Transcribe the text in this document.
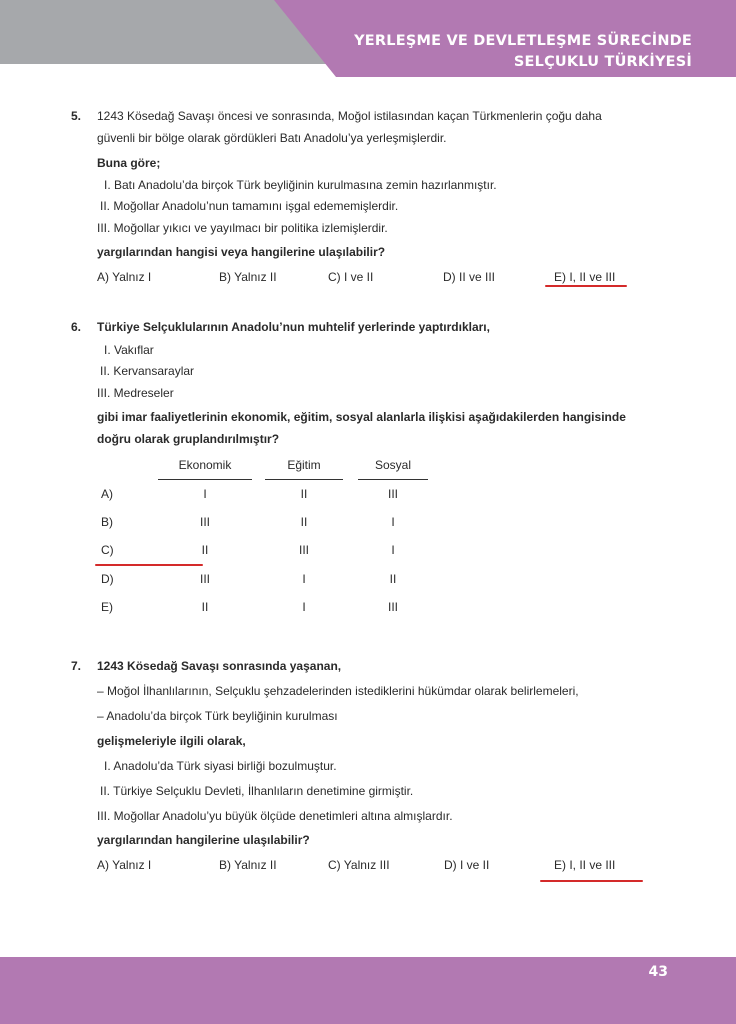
YERLEŞME VE DEVLETLEŞME SÜRECİNDE
SELÇUKLU TÜRKİYESİ
5. 1243 Kösedağ Savaşı öncesi ve sonrasında, Moğol istilasından kaçan Türkmenlerin çoğu daha
güvenli bir bölge olarak gördükleri Batı Anadolu’ya yerleşmişlerdir.
Buna göre;
I. Batı Anadolu’da birçok Türk beyliğinin kurulmasına zemin hazırlanmıştır.
II. Moğollar Anadolu’nun tamamını işgal edememişlerdir.
III. Moğollar yıkıcı ve yayılmacı bir politika izlemişlerdir.
yargılarından hangisi veya hangilerine ulaşılabilir?
A) Yalnız I	B) Yalnız II	C) I ve II	D) II ve III	E) I, II ve III
6. Türkiye Selçuklularının Anadolu’nun muhtelif yerlerinde yaptırdıkları,
I. Vakıflar
II. Kervansaraylar
III. Medreseler
gibi imar faaliyetlerinin ekonomik, eğitim, sosyal alanlarla ilişkisi aşağıdakilerden hangisinde
doğru olarak gruplandırılmıştır?
Ekonomik	Eğitim	Sosyal
A)	I	II	III
B)	III	II	I
C)	II	III	I
D)	III	I	II
E)	II	I	III
7. 1243 Kösedağ Savaşı sonrasında yaşanan,
– Moğol İlhanlılarının, Selçuklu şehzadelerinden istediklerini hükümdar olarak belirlemeleri,
– Anadolu’da birçok Türk beyliğinin kurulması
gelişmeleriyle ilgili olarak,
I. Anadolu’da Türk siyasi birliği bozulmuştur.
II. Türkiye Selçuklu Devleti, İlhanlıların denetimine girmiştir.
III. Moğollar Anadolu’yu büyük ölçüde denetimleri altına almışlardır.
yargılarından hangilerine ulaşılabilir?
A) Yalnız I	B) Yalnız II	C) Yalnız III	D) I ve II	E) I, II ve III
43
